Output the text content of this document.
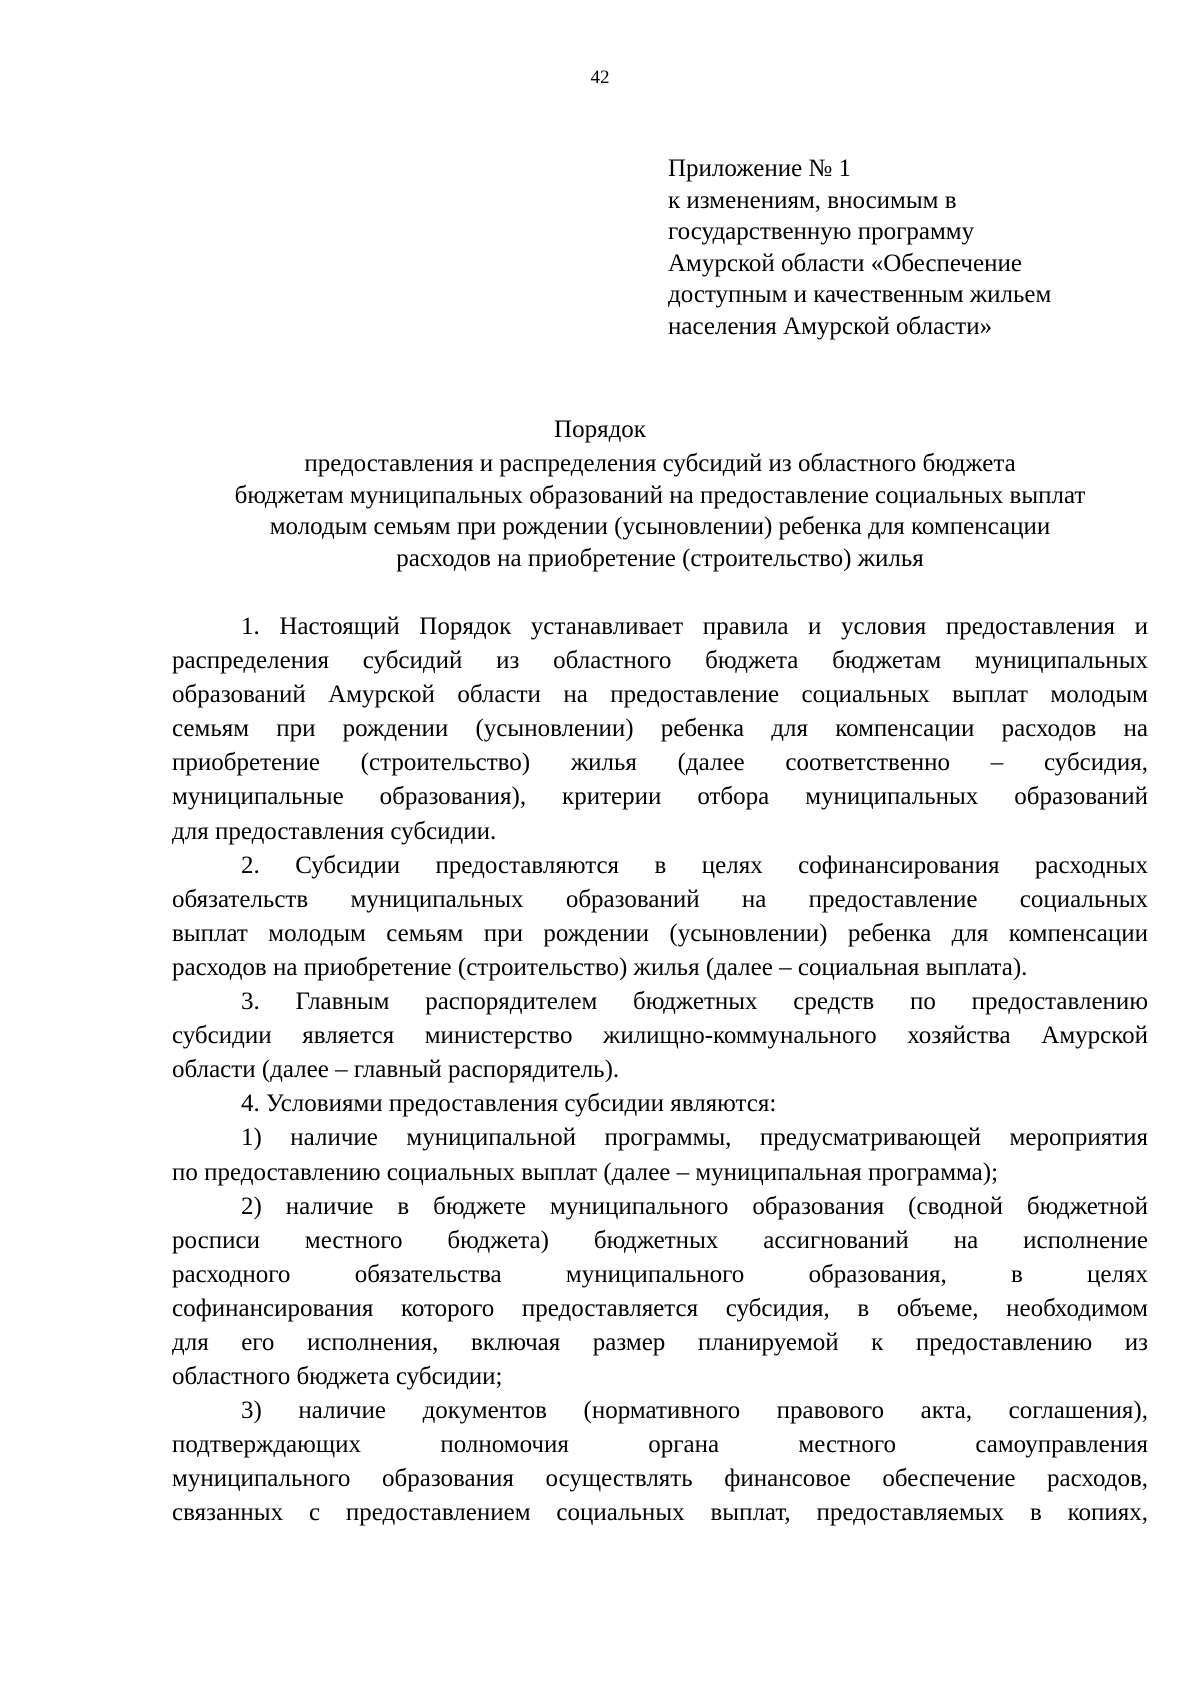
42
Приложение № 1
к изменениям, вносимым в
государственную программу
Амурской области «Обеспечение
доступным и качественным жильем
населения Амурской области»
Порядок
предоставления и распределения субсидий из областного бюджета
бюджетам муниципальных образований на предоставление социальных выплат
молодым семьям при рождении (усыновлении) ребенка для компенсации
расходов на приобретение (строительство) жилья
1. Настоящий Порядок устанавливает правила и условия предоставления и
распределения субсидий из областного бюджета бюджетам муниципальных
образований Амурской области на предоставление социальных выплат молодым
семьям при рождении (усыновлении) ребенка для компенсации расходов на
приобретение (строительство) жилья (далее соответственно – субсидия,
муниципальные образования), критерии отбора муниципальных образований
для предоставления субсидии.
2. Субсидии предоставляются в целях софинансирования расходных
обязательств муниципальных образований на предоставление социальных
выплат молодым семьям при рождении (усыновлении) ребенка для компенсации
расходов на приобретение (строительство) жилья (далее – социальная выплата).
3. Главным распорядителем бюджетных средств по предоставлению
субсидии является министерство жилищно-коммунального хозяйства Амурской
области (далее – главный распорядитель).
4. Условиями предоставления субсидии являются:
1) наличие муниципальной программы, предусматривающей мероприятия
по предоставлению социальных выплат (далее – муниципальная программа);
2) наличие в бюджете муниципального образования (сводной бюджетной
росписи местного бюджета) бюджетных ассигнований на исполнение
расходного обязательства муниципального образования, в целях
софинансирования которого предоставляется субсидия, в объеме, необходимом
для его исполнения, включая размер планируемой к предоставлению из
областного бюджета субсидии;
3) наличие документов (нормативного правового акта, соглашения),
подтверждающих полномочия органа местного самоуправления
муниципального образования осуществлять финансовое обеспечение расходов,
связанных с предоставлением социальных выплат, предоставляемых в копиях,
